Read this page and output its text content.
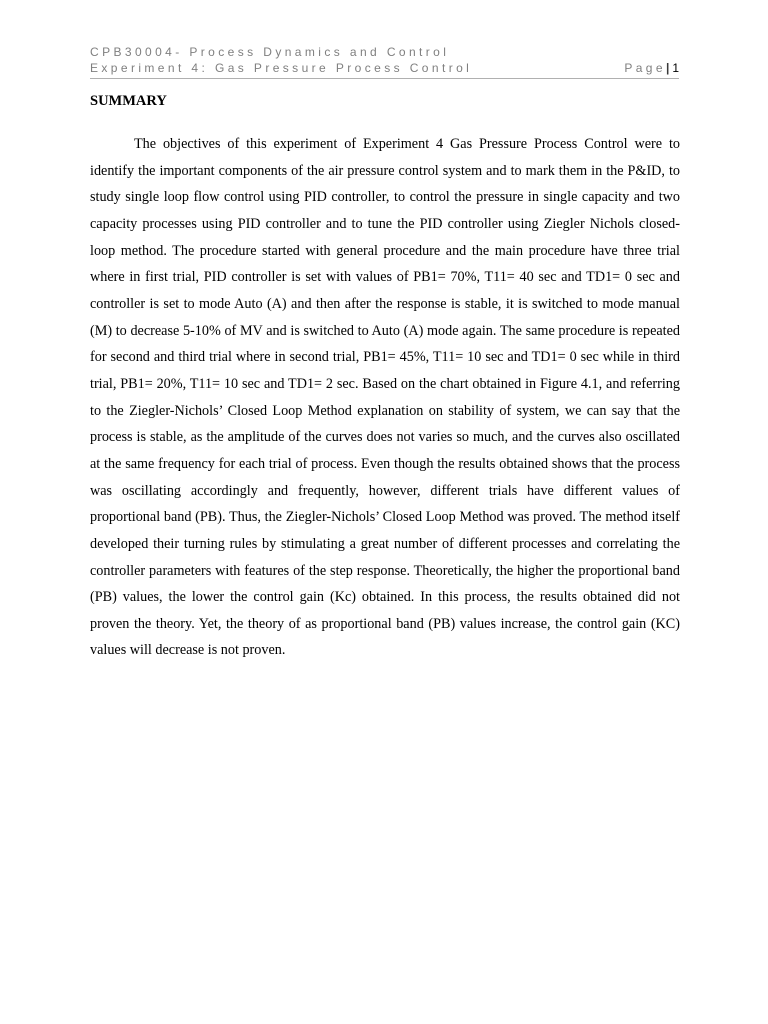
CPB30004- Process Dynamics and Control
Experiment 4: Gas Pressure Process Control	Page| 1
SUMMARY

The objectives of this experiment of Experiment 4 Gas Pressure Process Control were to identify the important components of the air pressure control system and to mark them in the P&ID, to study single loop flow control using PID controller, to control the pressure in single capacity and two capacity processes using PID controller and to tune the PID controller using Ziegler Nichols closed-loop method. The procedure started with general procedure and the main procedure have three trial where in first trial, PID controller is set with values of PB1= 70%, T11= 40 sec and TD1= 0 sec and controller is set to mode Auto (A) and then after the response is stable, it is switched to mode manual (M) to decrease 5-10% of MV and is switched to Auto (A) mode again. The same procedure is repeated for second and third trial where in second trial, PB1= 45%, T11= 10 sec and TD1= 0 sec while in third trial, PB1= 20%, T11= 10 sec and TD1= 2 sec. Based on the chart obtained in Figure 4.1, and referring to the Ziegler-Nichols’ Closed Loop Method explanation on stability of system, we can say that the process is stable, as the amplitude of the curves does not varies so much, and the curves also oscillated at the same frequency for each trial of process. Even though the results obtained shows that the process was oscillating accordingly and frequently, however, different trials have different values of proportional band (PB). Thus, the Ziegler-Nichols’ Closed Loop Method was proved. The method itself developed their turning rules by stimulating a great number of different processes and correlating the controller parameters with features of the step response. Theoretically, the higher the proportional band (PB) values, the lower the control gain (Kc) obtained. In this process, the results obtained did not proven the theory. Yet, the theory of as proportional band (PB) values increase, the control gain (KC) values will decrease is not proven.
